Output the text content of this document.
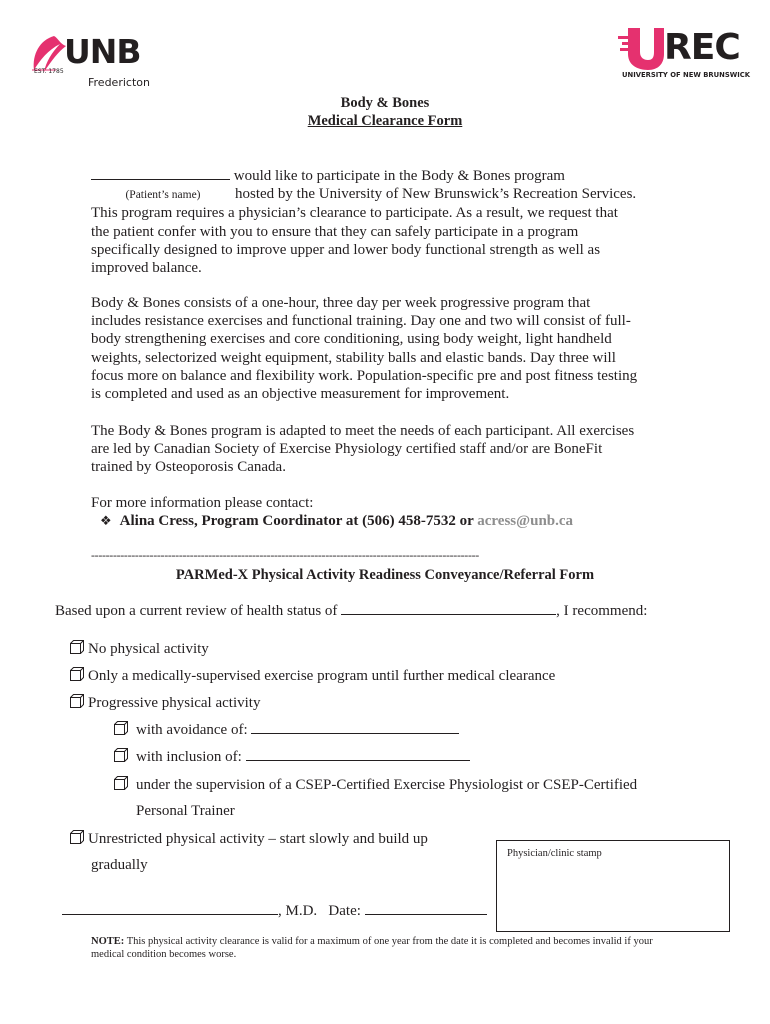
UNB
EST. 1785
Fredericton
REC
UNIVERSITY OF NEW BRUNSWICK
Body & Bones
Medical Clearance Form
would like to participate in the Body & Bones program
(Patient’s name) hosted by the University of New Brunswick’s Recreation Services.
This program requires a physician’s clearance to participate. As a result, we request that
the patient confer with you to ensure that they can safely participate in a program
specifically designed to improve upper and lower body functional strength as well as
improved balance.
Body & Bones consists of a one-hour, three day per week progressive program that
includes resistance exercises and functional training. Day one and two will consist of full-
body strengthening exercises and core conditioning, using body weight, light handheld
weights, selectorized weight equipment, stability balls and elastic bands. Day three will
focus more on balance and flexibility work. Population-specific pre and post fitness testing
is completed and used as an objective measurement for improvement.
The Body & Bones program is adapted to meet the needs of each participant. All exercises
are led by Canadian Society of Exercise Physiology certified staff and/or are BoneFit
trained by Osteoporosis Canada.
For more information please contact:
❖ Alina Cress, Program Coordinator at (506) 458-7532 or acress@unb.ca
----------------------------------------------------------------------------------------------------------
PARMed-X Physical Activity Readiness Conveyance/Referral Form
Based upon a current review of health status of	, I recommend:
No physical activity
Only a medically-supervised exercise program until further medical clearance
Progressive physical activity
with avoidance of:
with inclusion of:
under the supervision of a CSEP-Certified Exercise Physiologist or CSEP-Certified
Personal Trainer
Unrestricted physical activity – start slowly and build up
gradually
Physician/clinic stamp
, M.D. Date:
NOTE: This physical activity clearance is valid for a maximum of one year from the date it is completed and becomes invalid if your
medical condition becomes worse.
